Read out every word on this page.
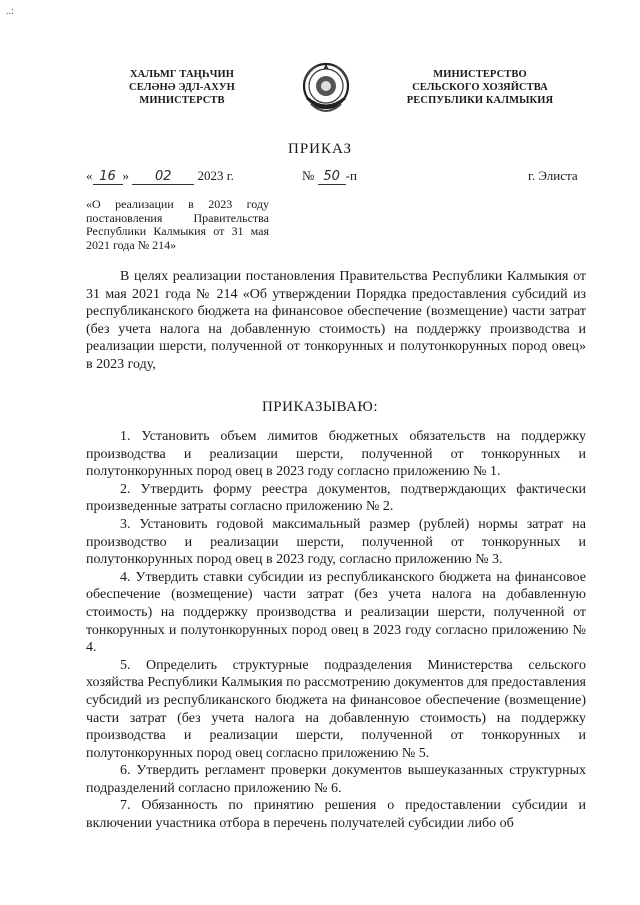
..:
ХАЛЬМГ ТАҢҺЧИН
СЕЛӘНӘ ЭДЛ-АХУН
МИНИСТЕРСТВ
МИНИСТЕРСТВО
СЕЛЬСКОГО ХОЗЯЙСТВА
РЕСПУБЛИКИ КАЛМЫКИЯ
ПРИКАЗ
« 16 » 02 2023 г.	№ 50 -п	г. Элиста
«О реализации в 2023 году постановления Правительства Республики Калмыкия от 31 мая 2021 года № 214»

В целях реализации постановления Правительства Республики Калмыкия от 31 мая 2021 года № 214 «Об утверждении Порядка предоставления субсидий из республиканского бюджета на финансовое обеспечение (возмещение) части затрат (без учета налога на добавленную стоимость) на поддержку производства и реализации шерсти, полученной от тонкорунных и полутонкорунных пород овец» в 2023 году,

ПРИКАЗЫВАЮ:

1. Установить объем лимитов бюджетных обязательств на поддержку производства и реализации шерсти, полученной от тонкорунных и полутонкорунных пород овец в 2023 году согласно приложению № 1.

2. Утвердить форму реестра документов, подтверждающих фактически произведенные затраты согласно приложению № 2.

3. Установить годовой максимальный размер (рублей) нормы затрат на производство и реализации шерсти, полученной от тонкорунных и полутонкорунных пород овец в 2023 году, согласно приложению № 3.

4. Утвердить ставки субсидии из республиканского бюджета на финансовое обеспечение (возмещение) части затрат (без учета налога на добавленную стоимость) на поддержку производства и реализации шерсти, полученной от тонкорунных и полутонкорунных пород овец в 2023 году согласно приложению № 4.

5. Определить структурные подразделения Министерства сельского хозяйства Республики Калмыкия по рассмотрению документов для предоставления субсидий из республиканского бюджета на финансовое обеспечение (возмещение) части затрат (без учета налога на добавленную стоимость) на поддержку производства и реализации шерсти, полученной от тонкорунных и полутонкорунных пород овец согласно приложению № 5.

6. Утвердить регламент проверки документов вышеуказанных структурных подразделений согласно приложению № 6.

7. Обязанность по принятию решения о предоставлении субсидии и включении участника отбора в перечень получателей субсидии либо об
